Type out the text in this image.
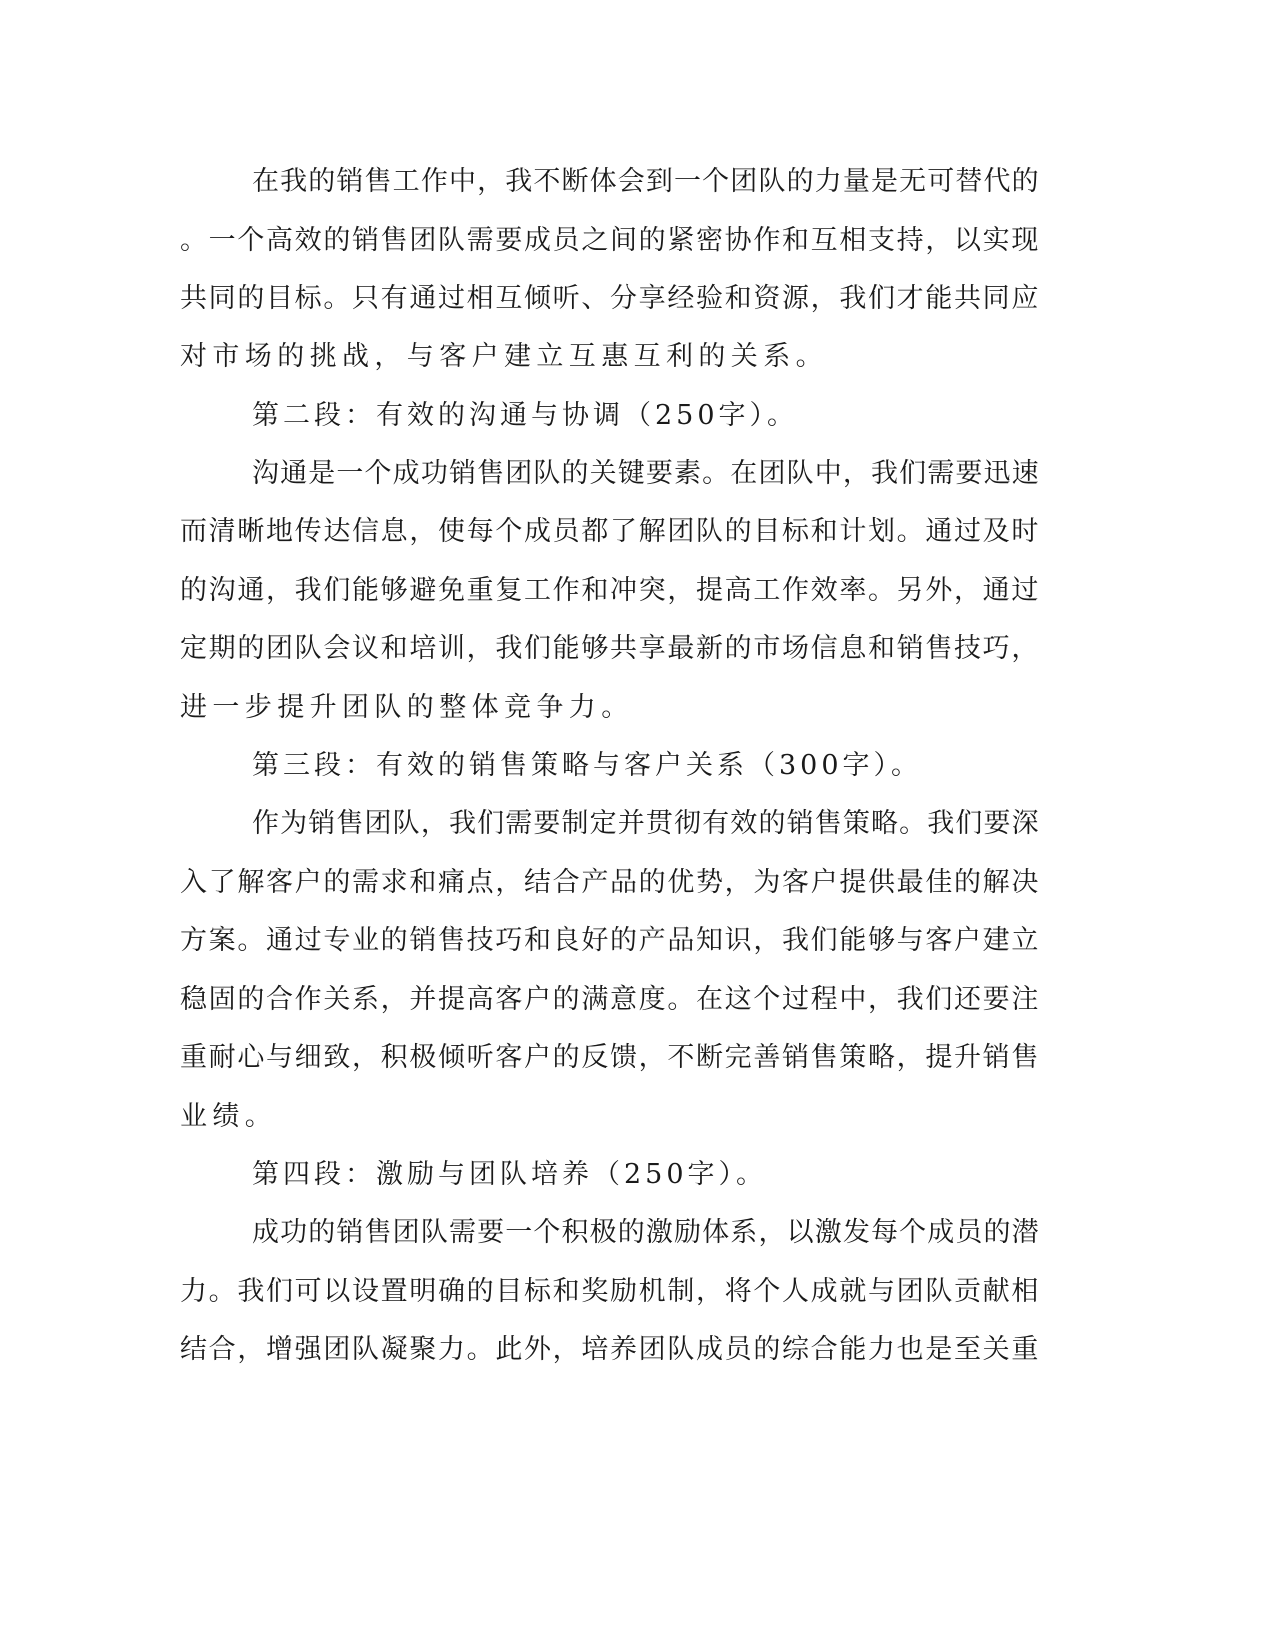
在我的销售工作中，我不断体会到一个团队的力量是无可替代的
。一个高效的销售团队需要成员之间的紧密协作和互相支持，以实现
共同的目标。只有通过相互倾听、分享经验和资源，我们才能共同应
对市场的挑战，与客户建立互惠互利的关系。
第二段：有效的沟通与协调（250字）。
沟通是一个成功销售团队的关键要素。在团队中，我们需要迅速
而清晰地传达信息，使每个成员都了解团队的目标和计划。通过及时
的沟通，我们能够避免重复工作和冲突，提高工作效率。另外，通过
定期的团队会议和培训，我们能够共享最新的市场信息和销售技巧，
进一步提升团队的整体竞争力。
第三段：有效的销售策略与客户关系（300字）。
作为销售团队，我们需要制定并贯彻有效的销售策略。我们要深
入了解客户的需求和痛点，结合产品的优势，为客户提供最佳的解决
方案。通过专业的销售技巧和良好的产品知识，我们能够与客户建立
稳固的合作关系，并提高客户的满意度。在这个过程中，我们还要注
重耐心与细致，积极倾听客户的反馈，不断完善销售策略，提升销售
业绩。
第四段：激励与团队培养（250字）。
成功的销售团队需要一个积极的激励体系，以激发每个成员的潜
力。我们可以设置明确的目标和奖励机制，将个人成就与团队贡献相
结合，增强团队凝聚力。此外，培养团队成员的综合能力也是至关重
